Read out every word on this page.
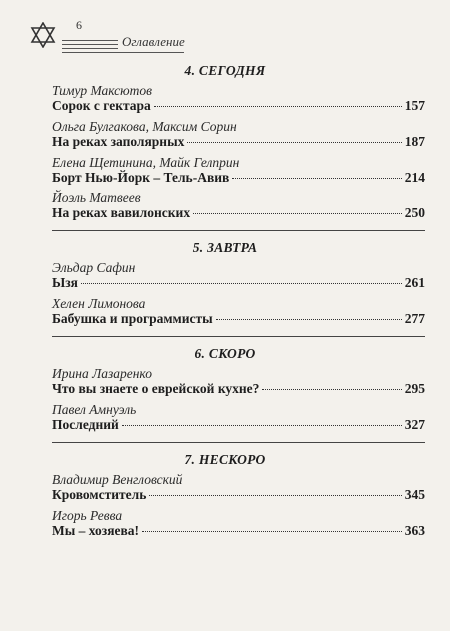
6
Оглавление
4. СЕГОДНЯ
Тимур Максютов
Сорок с гектара	157
Ольга Булгакова, Максим Сорин
На реках заполярных	187
Елена Щетинина, Майк Гелприн
Борт Нью-Йорк – Тель-Авив	214
Йоэль Матвеев
На реках вавилонских	250
5. ЗАВТРА
Эльдар Сафин
Ызя	261
Хелен Лимонова
Бабушка и программисты	277
6. СКОРО
Ирина Лазаренко
Что вы знаете о еврейской кухне?	295
Павел Амнуэль
Последний	327
7. НЕСКОРО
Владимир Венгловский
Кровомститель	345
Игорь Ревва
Мы – хозяева!	363
